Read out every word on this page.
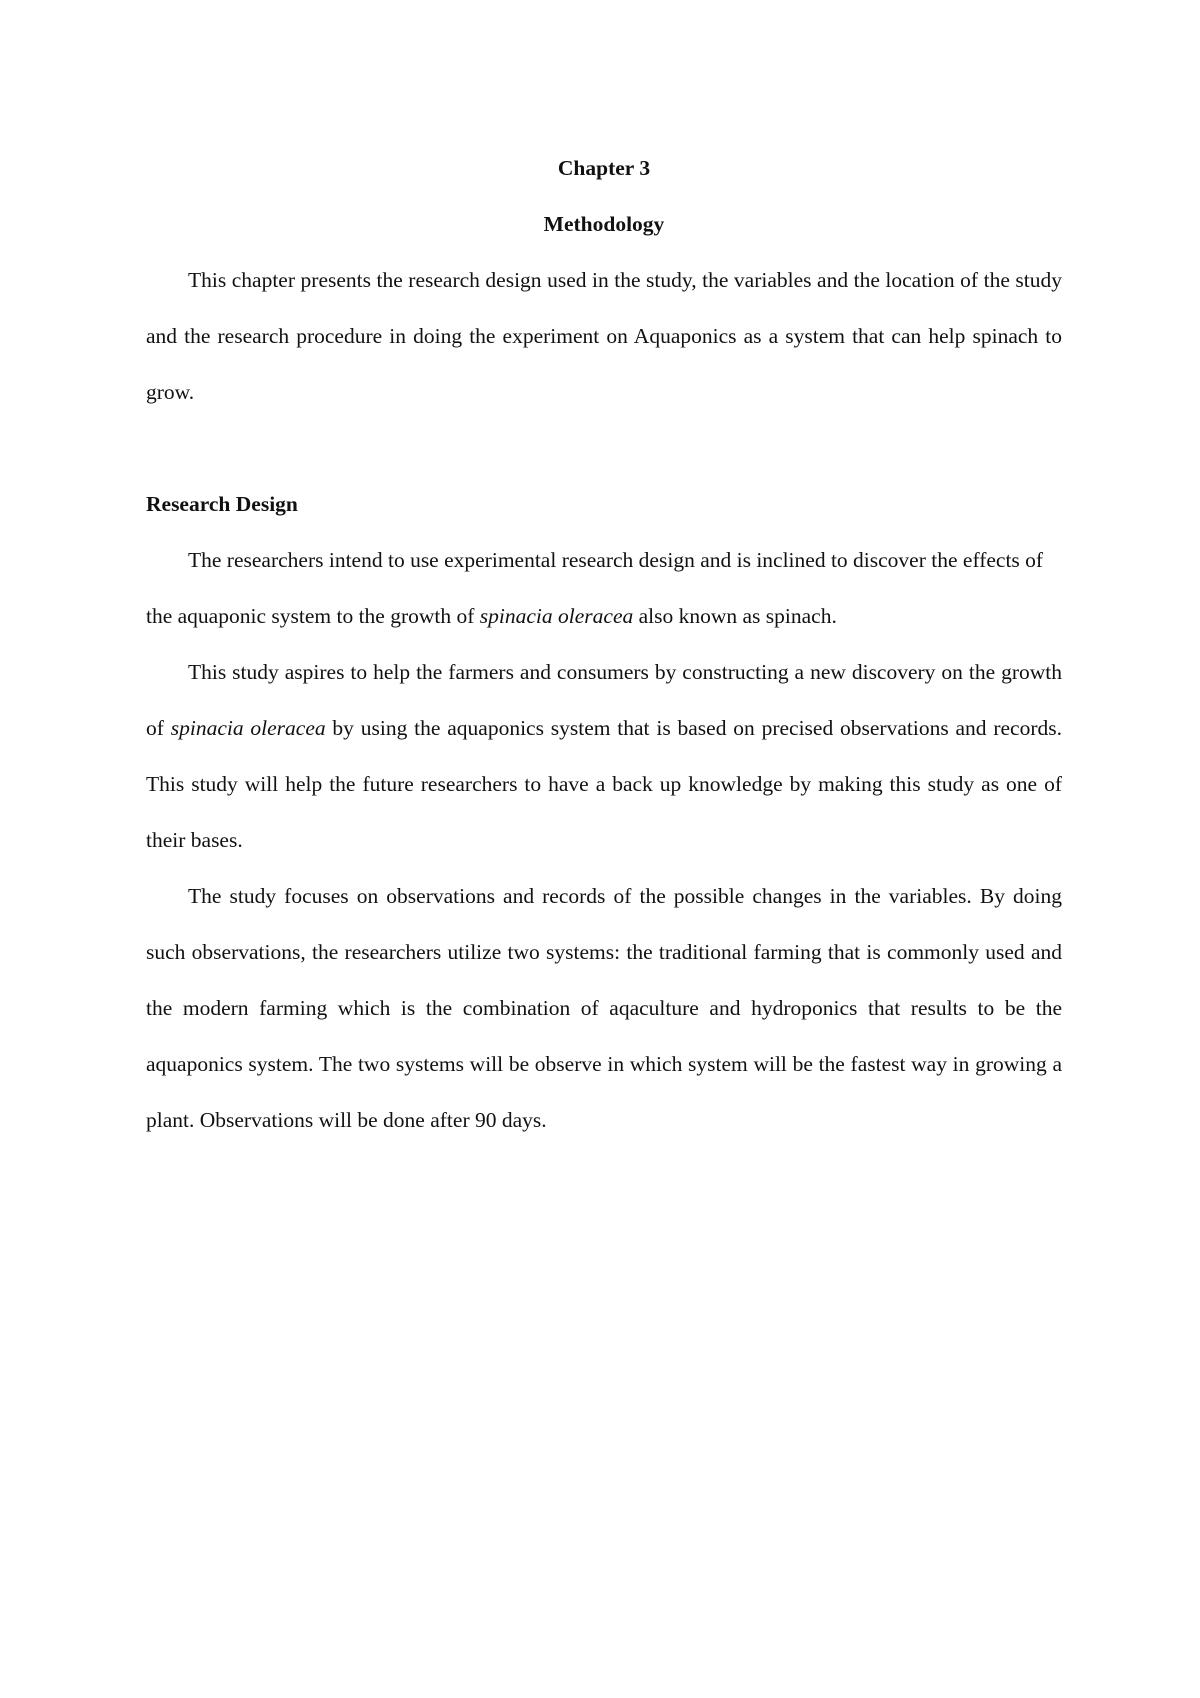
Chapter 3

Methodology

This chapter presents the research design used in the study, the variables and the location of the study and the research procedure in doing the experiment on Aquaponics as a system that can help spinach to grow.

Research Design

The researchers intend to use experimental research design and is inclined to discover the effects of the aquaponic system to the growth of spinacia oleracea also known as spinach.

This study aspires to help the farmers and consumers by constructing a new discovery on the growth of spinacia oleracea by using the aquaponics system that is based on precised observations and records. This study will help the future researchers to have a back up knowledge by making this study as one of their bases.

The study focuses on observations and records of the possible changes in the variables. By doing such observations, the researchers utilize two systems: the traditional farming that is commonly used and the modern farming which is the combination of aqaculture and hydroponics that results to be the aquaponics system. The two systems will be observe in which system will be the fastest way in growing a plant. Observations will be done after 90 days.
